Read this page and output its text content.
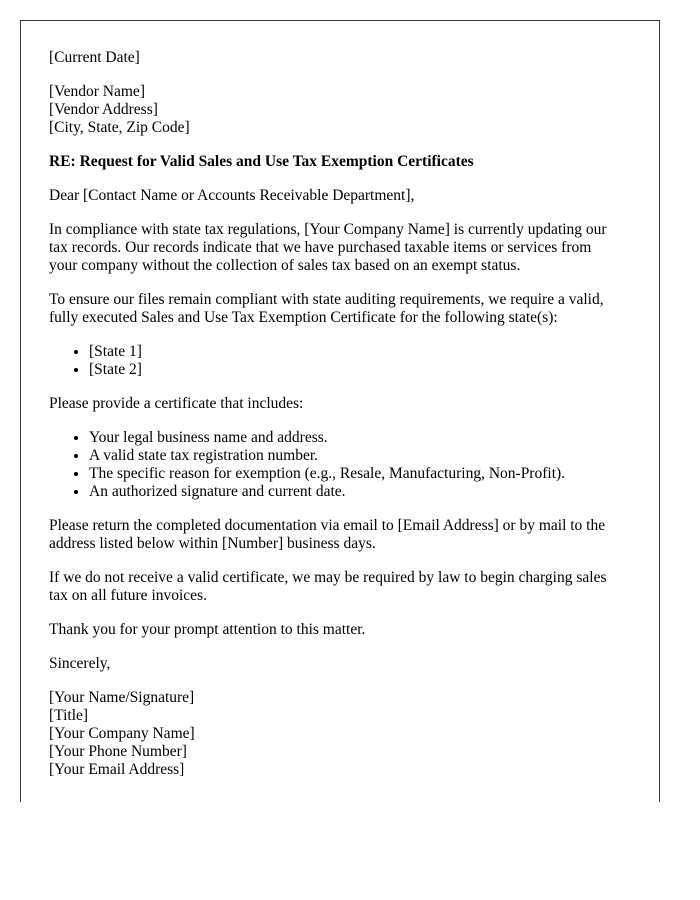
[Current Date]
[Vendor Name]
[Vendor Address]
[City, State, Zip Code]
RE: Request for Valid Sales and Use Tax Exemption Certificates
Dear [Contact Name or Accounts Receivable Department],

In compliance with state tax regulations, [Your Company Name] is currently updating our
tax records. Our records indicate that we have purchased taxable items or services from
your company without the collection of sales tax based on an exempt status.

To ensure our files remain compliant with state auditing requirements, we require a valid,
fully executed Sales and Use Tax Exemption Certificate for the following state(s):

• [State 1]
• [State 2]

Please provide a certificate that includes:

• Your legal business name and address.
• A valid state tax registration number.
• The specific reason for exemption (e.g., Resale, Manufacturing, Non-Profit).
• An authorized signature and current date.

Please return the completed documentation via email to [Email Address] or by mail to the
address listed below within [Number] business days.

If we do not receive a valid certificate, we may be required by law to begin charging sales
tax on all future invoices.

Thank you for your prompt attention to this matter.

Sincerely,

[Your Name/Signature]
[Title]
[Your Company Name]
[Your Phone Number]
[Your Email Address]
